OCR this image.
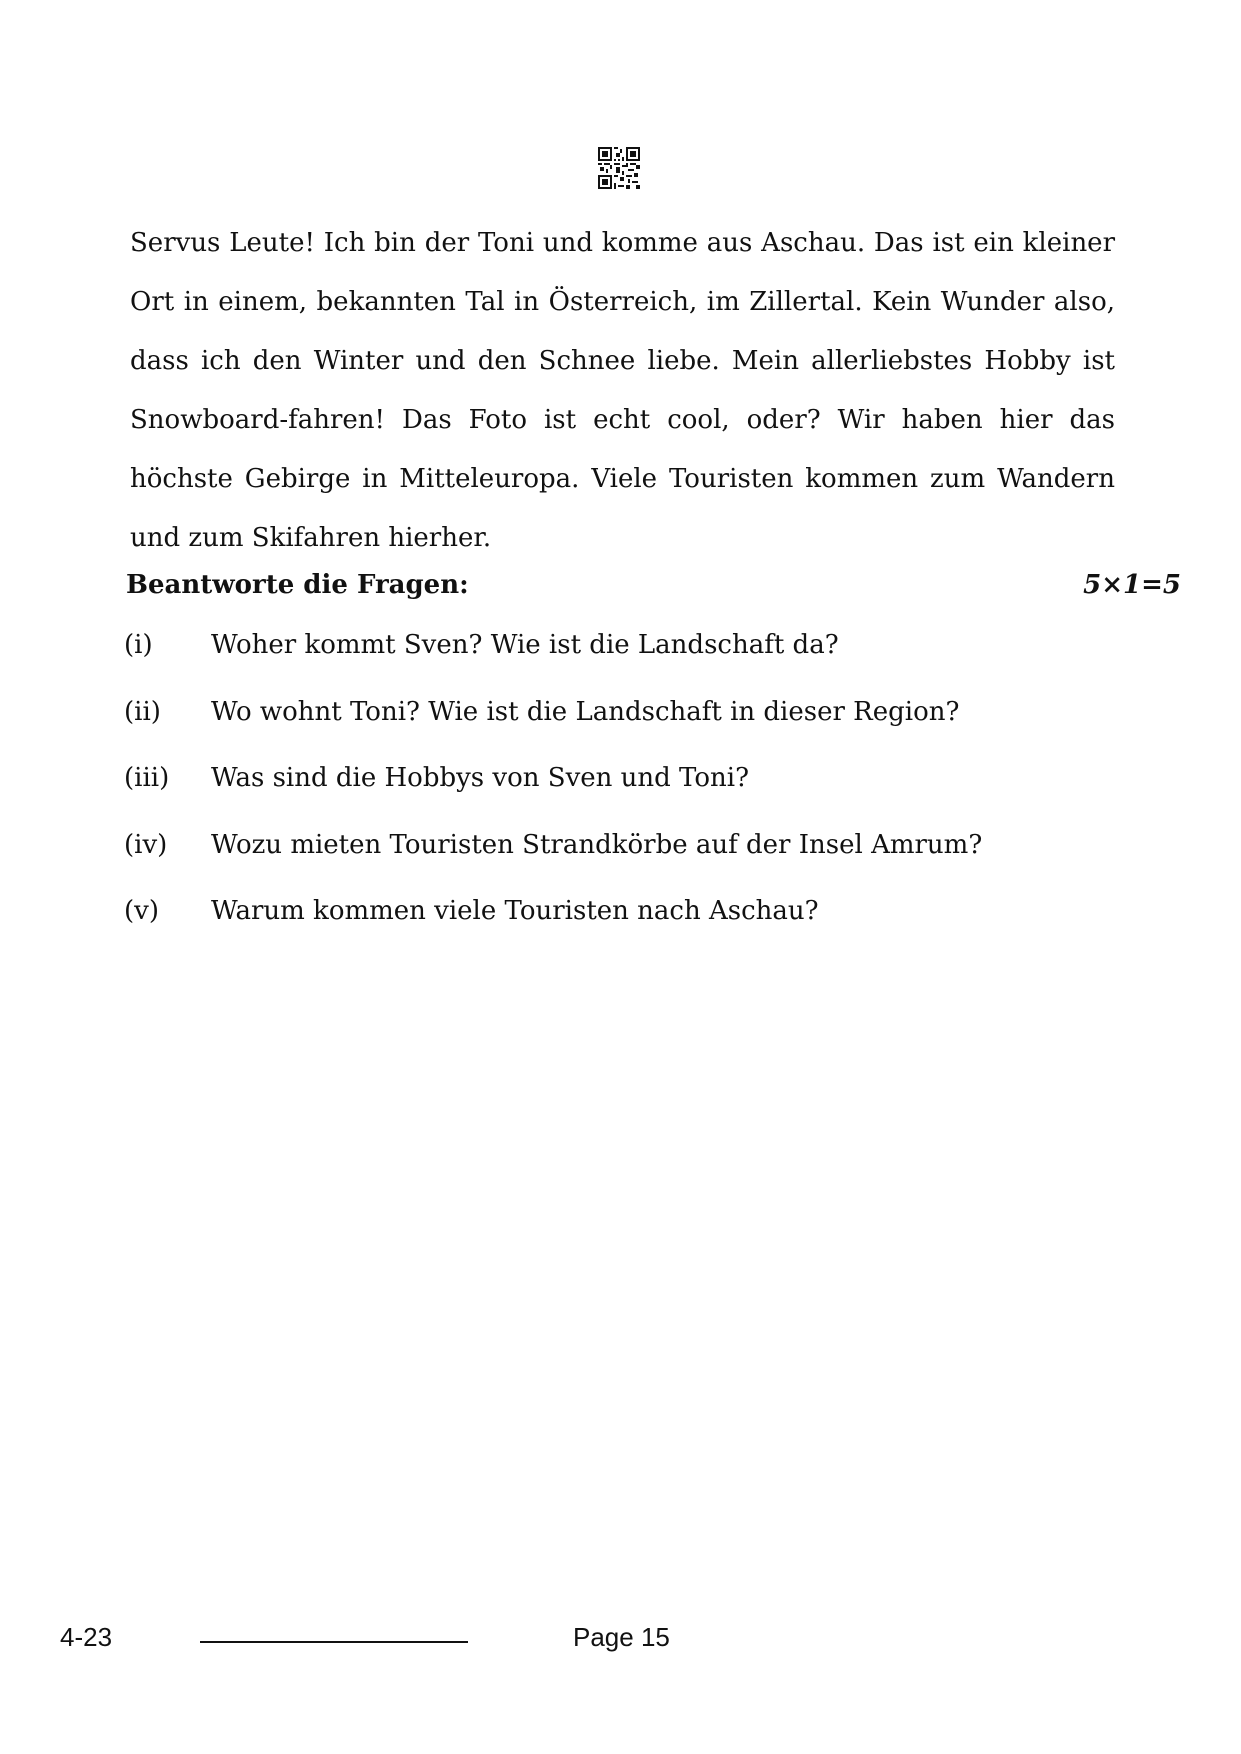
Servus Leute! Ich bin der Toni und komme aus Aschau. Das ist ein kleiner
Ort in einem, bekannten Tal in Österreich, im Zillertal. Kein Wunder also,
dass ich den Winter und den Schnee liebe. Mein allerliebstes Hobby ist
Snowboard-fahren! Das Foto ist echt cool, oder? Wir haben hier das
höchste Gebirge in Mitteleuropa. Viele Touristen kommen zum Wandern
und zum Skifahren hierher.
Beantworte die Fragen:	5×1=5
(i) Woher kommt Sven? Wie ist die Landschaft da?
(ii) Wo wohnt Toni? Wie ist die Landschaft in dieser Region?
(iii) Was sind die Hobbys von Sven und Toni?
(iv) Wozu mieten Touristen Strandkörbe auf der Insel Amrum?
(v) Warum kommen viele Touristen nach Aschau?
4-23	Page 15
